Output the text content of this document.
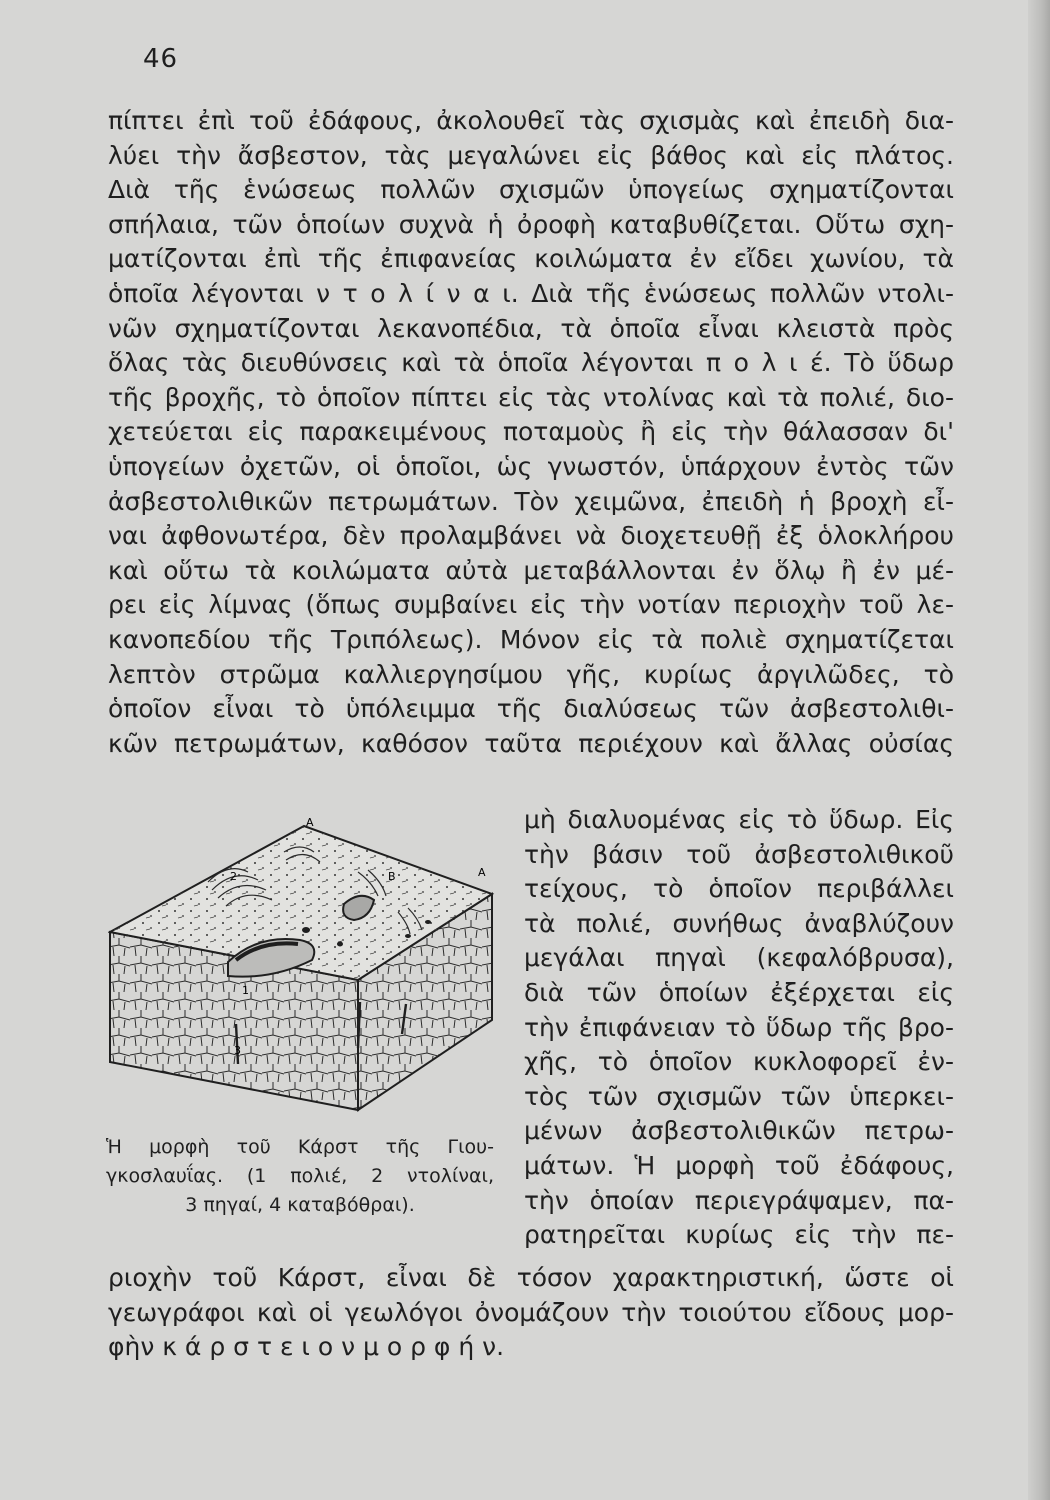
46
πίπτει ἐπὶ τοῦ ἐδάφους, ἀκολουθεῖ τὰς σχισμὰς καὶ ἐπειδὴ δια-
λύει τὴν ἄσβεστον, τὰς μεγαλώνει εἰς βάθος καὶ εἰς πλάτος.
Διὰ τῆς ἑνώσεως πολλῶν σχισμῶν ὑπογείως σχηματίζονται
σπήλαια, τῶν ὁποίων συχνὰ ἡ ὀροφὴ καταβυθίζεται. Οὕτω σχη-
ματίζονται ἐπὶ τῆς ἐπιφανείας κοιλώματα ἐν εἴδει χωνίου, τὰ
ὁποῖα λέγονται ν τ ο λ ί ν α ι. Διὰ τῆς ἑνώσεως πολλῶν ντολι-
νῶν σχηματίζονται λεκανοπέδια, τὰ ὁποῖα εἶναι κλειστὰ πρὸς
ὅλας τὰς διευθύνσεις καὶ τὰ ὁποῖα λέγονται π ο λ ι έ. Τὸ ὕδωρ
τῆς βροχῆς, τὸ ὁποῖον πίπτει εἰς τὰς ντολίνας καὶ τὰ πολιέ, διο-
χετεύεται εἰς παρακειμένους ποταμοὺς ἢ εἰς τὴν θάλασσαν δι'
ὑπογείων ὀχετῶν, οἱ ὁποῖοι, ὡς γνωστόν, ὑπάρχουν ἐντὸς τῶν
ἀσβεστολιθικῶν πετρωμάτων. Τὸν χειμῶνα, ἐπειδὴ ἡ βροχὴ εἶ-
ναι ἀφθονωτέρα, δὲν προλαμβάνει νὰ διοχετευθῇ ἐξ ὁλοκλήρου
καὶ οὕτω τὰ κοιλώματα αὐτὰ μεταβάλλονται ἐν ὅλῳ ἢ ἐν μέ-
ρει εἰς λίμνας (ὅπως συμβαίνει εἰς τὴν νοτίαν περιοχὴν τοῦ λε-
κανοπεδίου τῆς Τριπόλεως). Μόνον εἰς τὰ πολιὲ σχηματίζεται
λεπτὸν στρῶμα καλλιεργησίμου γῆς, κυρίως ἀργιλῶδες, τὸ
ὁποῖον εἶναι τὸ ὑπόλειμμα τῆς διαλύσεως τῶν ἀσβεστολιθι-
κῶν πετρωμάτων, καθόσον ταῦτα περιέχουν καὶ ἄλλας οὐσίας
A
B	A
2
1
3
Ἡ μορφὴ τοῦ Κάρστ τῆς Γιου-
γκοσλαυΐας. (1 πολιέ, 2 ντολίναι,
3 πηγαί, 4 καταβόθραι).
μὴ διαλυομένας εἰς τὸ ὕδωρ. Εἰς
τὴν βάσιν τοῦ ἀσβεστολιθικοῦ
τείχους, τὸ ὁποῖον περιβάλλει
τὰ πολιέ, συνήθως ἀναβλύζουν
μεγάλαι πηγαὶ (κεφαλόβρυσα),
διὰ τῶν ὁποίων ἐξέρχεται εἰς
τὴν ἐπιφάνειαν τὸ ὕδωρ τῆς βρο-
χῆς, τὸ ὁποῖον κυκλοφορεῖ ἐν-
τὸς τῶν σχισμῶν τῶν ὑπερκει-
μένων ἀσβεστολιθικῶν πετρω-
μάτων. Ἡ μορφὴ τοῦ ἐδάφους,
τὴν ὁποίαν περιεγράψαμεν, πα-
ρατηρεῖται κυρίως εἰς τὴν πε-
ριοχὴν τοῦ Κάρστ, εἶναι δὲ τόσον χαρακτηριστική, ὥστε οἱ
γεωγράφοι καὶ οἱ γεωλόγοι ὀνομάζουν τὴν τοιούτου εἴδους μορ-
φὴν κ ά ρ σ τ ε ι ο ν μ ο ρ φ ή ν.
